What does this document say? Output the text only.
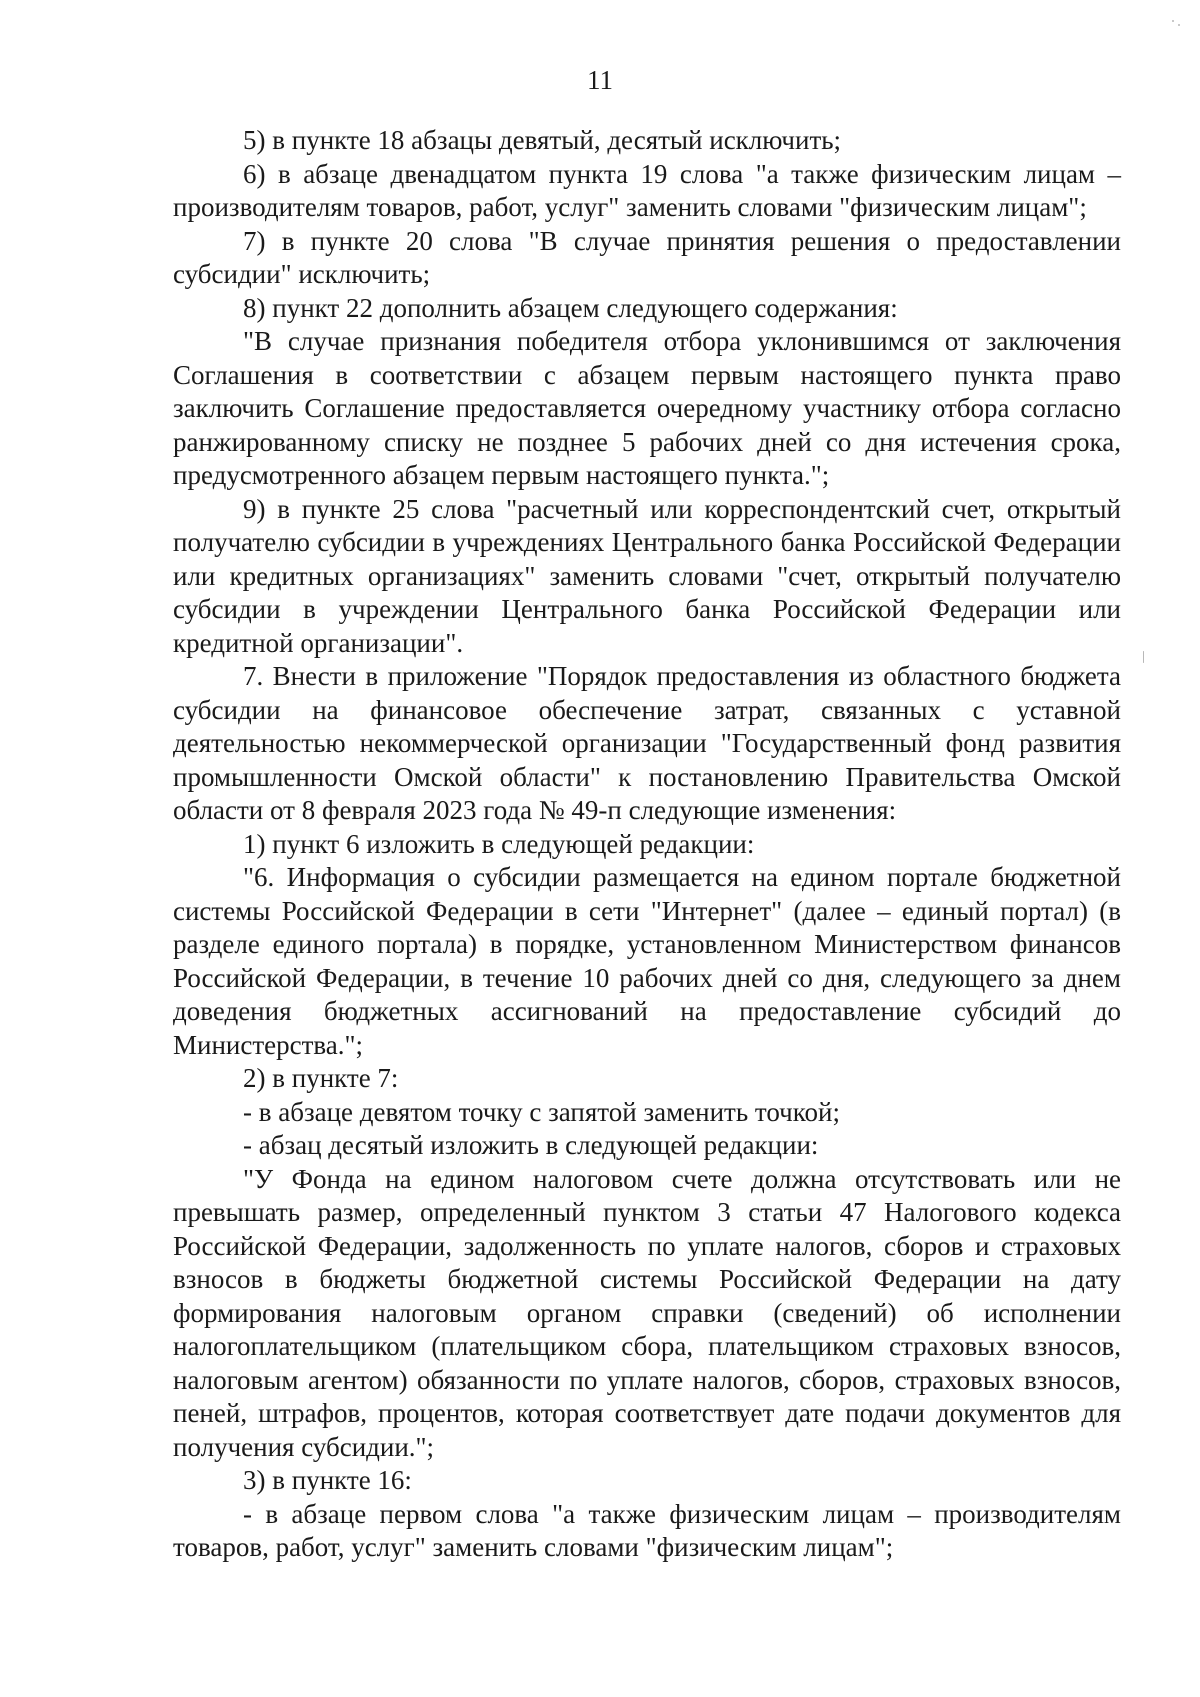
11

5) в пункте 18 абзацы девятый, десятый исключить;

6) в абзаце двенадцатом пункта 19 слова "а также физическим лицам – производителям товаров, работ, услуг" заменить словами "физическим лицам";

7) в пункте 20 слова "В случае принятия решения о предоставлении субсидии" исключить;

8) пункт 22 дополнить абзацем следующего содержания:

"В случае признания победителя отбора уклонившимся от заключения Соглашения в соответствии с абзацем первым настоящего пункта право заключить Соглашение предоставляется очередному участнику отбора согласно ранжированному списку не позднее 5 рабочих дней со дня истечения срока, предусмотренного абзацем первым настоящего пункта.";

9) в пункте 25 слова "расчетный или корреспондентский счет, открытый получателю субсидии в учреждениях Центрального банка Российской Федерации или кредитных организациях" заменить словами "счет, открытый получателю субсидии в учреждении Центрального банка Российской Федерации или кредитной организации".

7. Внести в приложение "Порядок предоставления из областного бюджета субсидии на финансовое обеспечение затрат, связанных с уставной деятельностью некоммерческой организации "Государственный фонд развития промышленности Омской области" к постановлению Правительства Омской области от 8 февраля 2023 года № 49-п следующие изменения:

1) пункт 6 изложить в следующей редакции:

"6. Информация о субсидии размещается на едином портале бюджетной системы Российской Федерации в сети "Интернет" (далее – единый портал) (в разделе единого портала) в порядке, установленном Министерством финансов Российской Федерации, в течение 10 рабочих дней со дня, следующего за днем доведения бюджетных ассигнований на предоставление субсидий до Министерства.";

2) в пункте 7:

- в абзаце девятом точку с запятой заменить точкой;

- абзац десятый изложить в следующей редакции:

"У Фонда на едином налоговом счете должна отсутствовать или не превышать размер, определенный пунктом 3 статьи 47 Налогового кодекса Российской Федерации, задолженность по уплате налогов, сборов и страховых взносов в бюджеты бюджетной системы Российской Федерации на дату формирования налоговым органом справки (сведений) об исполнении налогоплательщиком (плательщиком сбора, плательщиком страховых взносов, налоговым агентом) обязанности по уплате налогов, сборов, страховых взносов, пеней, штрафов, процентов, которая соответствует дате подачи документов для получения субсидии.";

3) в пункте 16:

- в абзаце первом слова "а также физическим лицам – производителям товаров, работ, услуг" заменить словами "физическим лицам";
